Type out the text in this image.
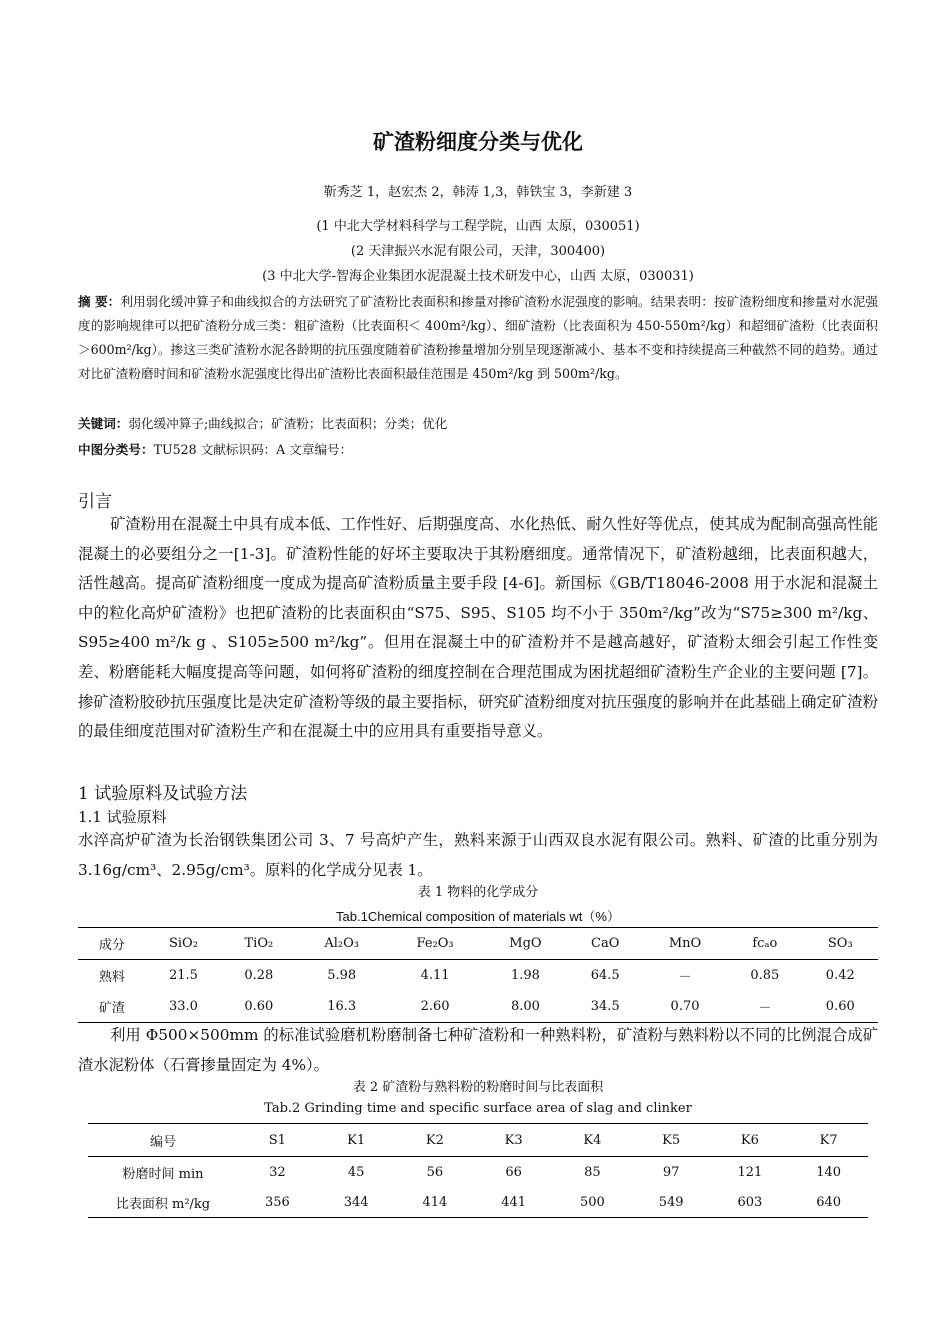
矿渣粉细度分类与优化
靳秀芝 1，赵宏杰 2，韩涛 1,3，韩铁宝 3，李新建 3
(1 中北大学材料科学与工程学院，山西 太原，030051)
(2 天津振兴水泥有限公司，天津，300400)
(3 中北大学-智海企业集团水泥混凝土技术研发中心，山西 太原，030031)
摘 要：利用弱化缓冲算子和曲线拟合的方法研究了矿渣粉比表面积和掺量对掺矿渣粉水泥强度的影响。结果表明：按矿渣粉细度和掺量对水泥强度的影响规律可以把矿渣粉分成三类：粗矿渣粉（比表面积＜ 400m²/kg）、细矿渣粉（比表面积为 450-550m²/kg）和超细矿渣粉（比表面积＞600m²/kg）。掺这三类矿渣粉水泥各龄期的抗压强度随着矿渣粉掺量增加分别呈现逐渐减小、基本不变和持续提高三种截然不同的趋势。通过对比矿渣粉磨时间和矿渣粉水泥强度比得出矿渣粉比表面积最佳范围是 450m²/kg 到 500m²/kg。
关键词：弱化缓冲算子;曲线拟合；矿渣粉；比表面积；分类；优化
中图分类号：TU528 文献标识码：A 文章编号：
引言
矿渣粉用在混凝土中具有成本低、工作性好、后期强度高、水化热低、耐久性好等优点，使其成为配制高强高性能混凝土的必要组分之一[1-3]。矿渣粉性能的好坏主要取决于其粉磨细度。通常情况下，矿渣粉越细，比表面积越大，活性越高。提高矿渣粉细度一度成为提高矿渣粉质量主要手段 [4-6]。新国标《GB/T18046-2008 用于水泥和混凝土中的粒化高炉矿渣粉》也把矿渣粉的比表面积由“S75、S95、S105 均不小于 350m²/kg”改为“S75≥300 m²/kg、S95≥400 m²/k g 、S105≥500 m²/kg”。但用在混凝土中的矿渣粉并不是越高越好，矿渣粉太细会引起工作性变差、粉磨能耗大幅度提高等问题，如何将矿渣粉的细度控制在合理范围成为困扰超细矿渣粉生产企业的主要问题 [7]。掺矿渣粉胶砂抗压强度比是决定矿渣粉等级的最主要指标，研究矿渣粉细度对抗压强度的影响并在此基础上确定矿渣粉的最佳细度范围对矿渣粉生产和在混凝土中的应用具有重要指导意义。
1 试验原料及试验方法
1.1 试验原料
水淬高炉矿渣为长治钢铁集团公司 3、7 号高炉产生，熟料来源于山西双良水泥有限公司。熟料、矿渣的比重分别为 3.16g/cm³、2.95g/cm³。原料的化学成分见表 1。
表 1 物料的化学成分
Tab.1Chemical composition of materials wt（%）
成分	SiO₂	TiO₂	Al₂O₃	Fe₂O₃	MgO	CaO	MnO	fcₐo	SO₃
熟料	21.5	0.28	5.98	4.11	1.98	64.5	－	0.85	0.42
矿渣	33.0	0.60	16.3	2.60	8.00	34.5	0.70	－	0.60
利用 Φ500×500mm 的标准试验磨机粉磨制备七种矿渣粉和一种熟料粉，矿渣粉与熟料粉以不同的比例混合成矿渣水泥粉体（石膏掺量固定为 4%）。
表 2 矿渣粉与熟料粉的粉磨时间与比表面积
Tab.2 Grinding time and specific surface area of slag and clinker
编号	S1	K1	K2	K3	K4	K5	K6	K7
粉磨时间 min	32	45	56	66	85	97	121	140
比表面积 m²/kg	356	344	414	441	500	549	603	640
